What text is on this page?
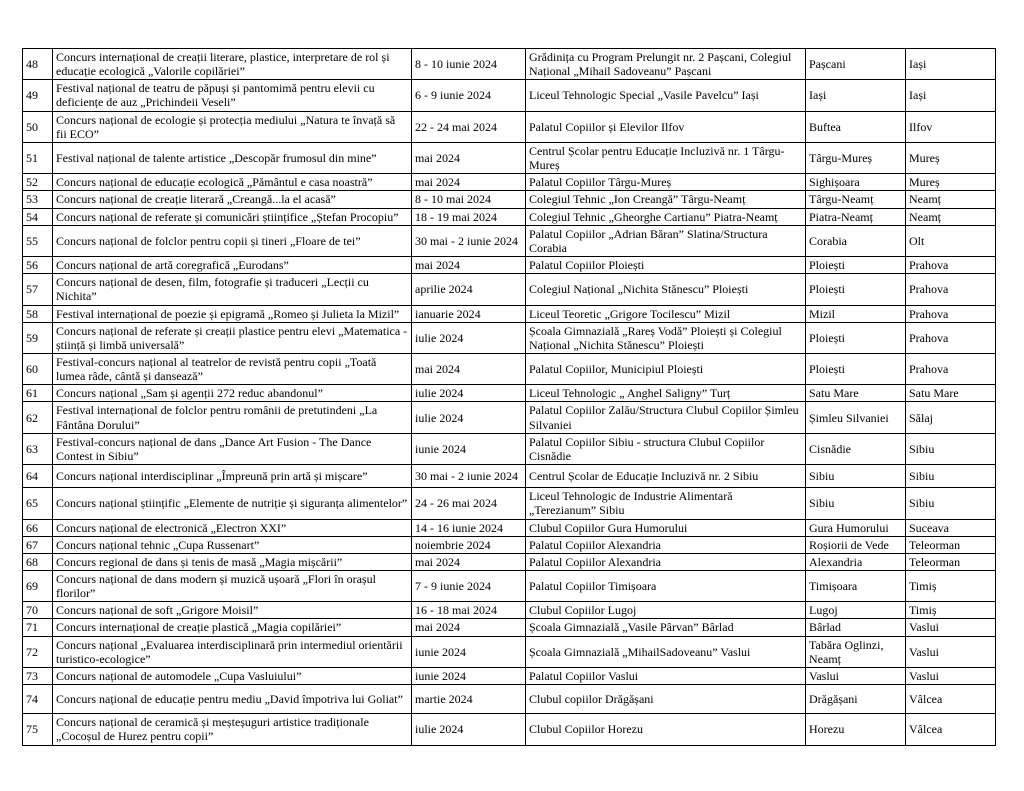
48	Concurs internațional de creații literare, plastice, interpretare de rol și educație ecologică „Valorile copilăriei”	8 - 10 iunie 2024	Grădinița cu Program Prelungit nr. 2 Pașcani, Colegiul Național „Mihail Sadoveanu” Pașcani	Pașcani	Iași
49	Festival național de teatru de păpuși și pantomimă pentru elevii cu deficiențe de auz „Prichindeii Veseli”	6 - 9 iunie 2024	Liceul Tehnologic Special „Vasile Pavelcu” Iași	Iași	Iași
50	Concurs național de ecologie și protecția mediului „Natura te învață să fii ECO”	22 - 24 mai 2024	Palatul Copiilor și Elevilor Ilfov	Buftea	Ilfov
51	Festival național de talente artistice „Descopăr frumosul din mine”	mai 2024	Centrul Școlar pentru Educație Incluzivă nr. 1 Târgu-Mureș	Târgu-Mureș	Mureș
52	Concurs național de educație ecologică „Pământul e casa noastră”	mai 2024	Palatul Copiilor Târgu-Mureș	Sighișoara	Mureș
53	Concurs național de creație literară „Creangă...la el acasă”	8 - 10 mai 2024	Colegiul Tehnic „Ion Creangă” Târgu-Neamț	Târgu-Neamț	Neamț
54	Concurs național de referate și comunicări științifice „Ștefan Procopiu”	18 - 19 mai 2024	Colegiul Tehnic „Gheorghe Cartianu” Piatra-Neamț	Piatra-Neamț	Neamț
55	Concurs național de folclor pentru copii și tineri „Floare de tei”	30 mai - 2 iunie 2024	Palatul Copiilor „Adrian Băran” Slatina/Structura Corabia	Corabia	Olt
56	Concurs național de artă coregrafică „Eurodans”	mai 2024	Palatul Copiilor Ploiești	Ploiești	Prahova
57	Concurs național de desen, film, fotografie și traduceri „Lecții cu Nichita”	aprilie 2024	Colegiul Național „Nichita Stănescu” Ploiești	Ploiești	Prahova
58	Festival internațional de poezie și epigramă „Romeo și Julieta la Mizil”	ianuarie 2024	Liceul Teoretic „Grigore Tocilescu” Mizil	Mizil	Prahova
59	Concurs național de referate și creații plastice pentru elevi „Matematica - știință și limbă universală”	iulie 2024	Școala Gimnazială „Rareș Vodă” Ploiești și Colegiul Național „Nichita Stănescu” Ploiești	Ploiești	Prahova
60	Festival-concurs național al teatrelor de revistă pentru copii „Toată lumea râde, cântă și dansează”	mai 2024	Palatul Copiilor, Municipiul Ploiești	Ploiești	Prahova
61	Concurs național „Sam și agenții 272 reduc abandonul”	iulie 2024	Liceul Tehnologic „ Anghel Saligny” Turț	Satu Mare	Satu Mare
62	Festival internațional de folclor pentru românii de pretutindeni „La Fântâna Dorului”	iulie 2024	Palatul Copiilor Zalău/Structura Clubul Copiilor Șimleu Silvaniei	Șimleu Silvaniei	Sălaj
63	Festival-concurs național de dans „Dance Art Fusion - The Dance Contest in Sibiu”	iunie 2024	Palatul Copiilor Sibiu - structura Clubul Copiilor Cisnădie	Cisnădie	Sibiu
64	Concurs național interdisciplinar „Împreună prin artă și mișcare”	30 mai - 2 iunie 2024	Centrul Școlar de Educație Incluzivă nr. 2 Sibiu	Sibiu	Sibiu
65	Concurs național științific „Elemente de nutriție și siguranța alimentelor”	24 - 26 mai 2024	Liceul Tehnologic de Industrie Alimentară „Terezianum” Sibiu	Sibiu	Sibiu
66	Concurs național de electronică „Electron XXI”	14 - 16 iunie 2024	Clubul Copiilor Gura Humorului	Gura Humorului	Suceava
67	Concurs național tehnic „Cupa Russenart”	noiembrie 2024	Palatul Copiilor Alexandria	Roșiorii de Vede	Teleorman
68	Concurs regional de dans și tenis de masă „Magia mișcării”	mai 2024	Palatul Copiilor Alexandria	Alexandria	Teleorman
69	Concurs național de dans modern și muzică ușoară „Flori în orașul florilor”	7 - 9 iunie 2024	Palatul Copiilor Timișoara	Timișoara	Timiș
70	Concurs național de soft „Grigore Moisil”	16 - 18 mai 2024	Clubul Copiilor Lugoj	Lugoj	Timiș
71	Concurs internațional de creație plastică „Magia copilăriei”	mai 2024	Școala Gimnazială „Vasile Pârvan” Bârlad	Bârlad	Vaslui
72	Concurs național „Evaluarea interdisciplinară prin intermediul orientării turistico-ecologice”	iunie 2024	Școala Gimnazială „MihailSadoveanu” Vaslui	Tabăra Oglinzi, Neamț	Vaslui
73	Concurs național de automodele „Cupa Vasluiului”	iunie 2024	Palatul Copiilor Vaslui	Vaslui	Vaslui
74	Concurs național de educație pentru mediu „David împotriva lui Goliat”	martie 2024	Clubul copiilor Drăgășani	Drăgășani	Vâlcea
75	Concurs național de ceramică și meșteșuguri artistice tradiționale „Cocoșul de Hurez pentru copii”	iulie 2024	Clubul Copiilor Horezu	Horezu	Vâlcea
